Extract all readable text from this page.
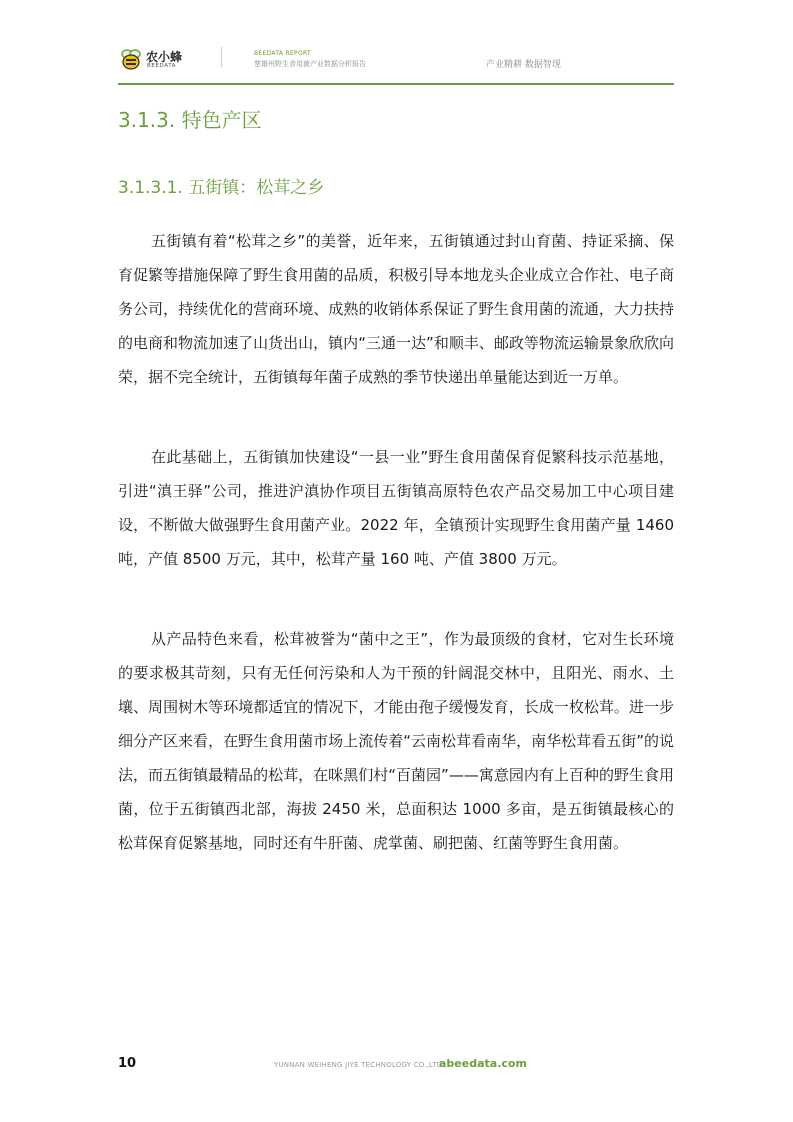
农小蜂
BEEDATA
BEEDATA REPORT
楚雄州野生食用菌产业数据分析报告	产业精耕 数据智现
3.1.3. 特色产区
3.1.3.1. 五街镇：松茸之乡

五街镇有着“松茸之乡”的美誉，近年来，五街镇通过封山育菌、持证采摘、保育促繁等措施保障了野生食用菌的品质，积极引导本地龙头企业成立合作社、电子商务公司，持续优化的营商环境、成熟的收销体系保证了野生食用菌的流通，大力扶持的电商和物流加速了山货出山，镇内“三通一达”和顺丰、邮政等物流运输景象欣欣向荣，据不完全统计，五街镇每年菌子成熟的季节快递出单量能达到近一万单。

在此基础上，五街镇加快建设“一县一业”野生食用菌保育促繁科技示范基地，引进“滇王驿”公司，推进沪滇协作项目五街镇高原特色农产品交易加工中心项目建设，不断做大做强野生食用菌产业。2022 年，全镇预计实现野生食用菌产量 1460 吨，产值 8500 万元，其中，松茸产量 160 吨、产值 3800 万元。

从产品特色来看，松茸被誉为“菌中之王”，作为最顶级的食材，它对生长环境的要求极其苛刻，只有无任何污染和人为干预的针阔混交林中，且阳光、雨水、土壤、周围树木等环境都适宜的情况下，才能由孢子缓慢发育，长成一枚松茸。进一步细分产区来看，在野生食用菌市场上流传着“云南松茸看南华，南华松茸看五街”的说法，而五街镇最精品的松茸，在咪黑们村“百菌园”——寓意园内有上百种的野生食用菌，位于五街镇西北部，海拔 2450 米，总面积达 1000 多亩，是五街镇最核心的松茸保育促繁基地，同时还有牛肝菌、虎掌菌、刷把菌、红菌等野生食用菌。

10	YUNNAN WEIHENG JIYE TECHNOLOGY CO.,LTD.
abeedata.com
